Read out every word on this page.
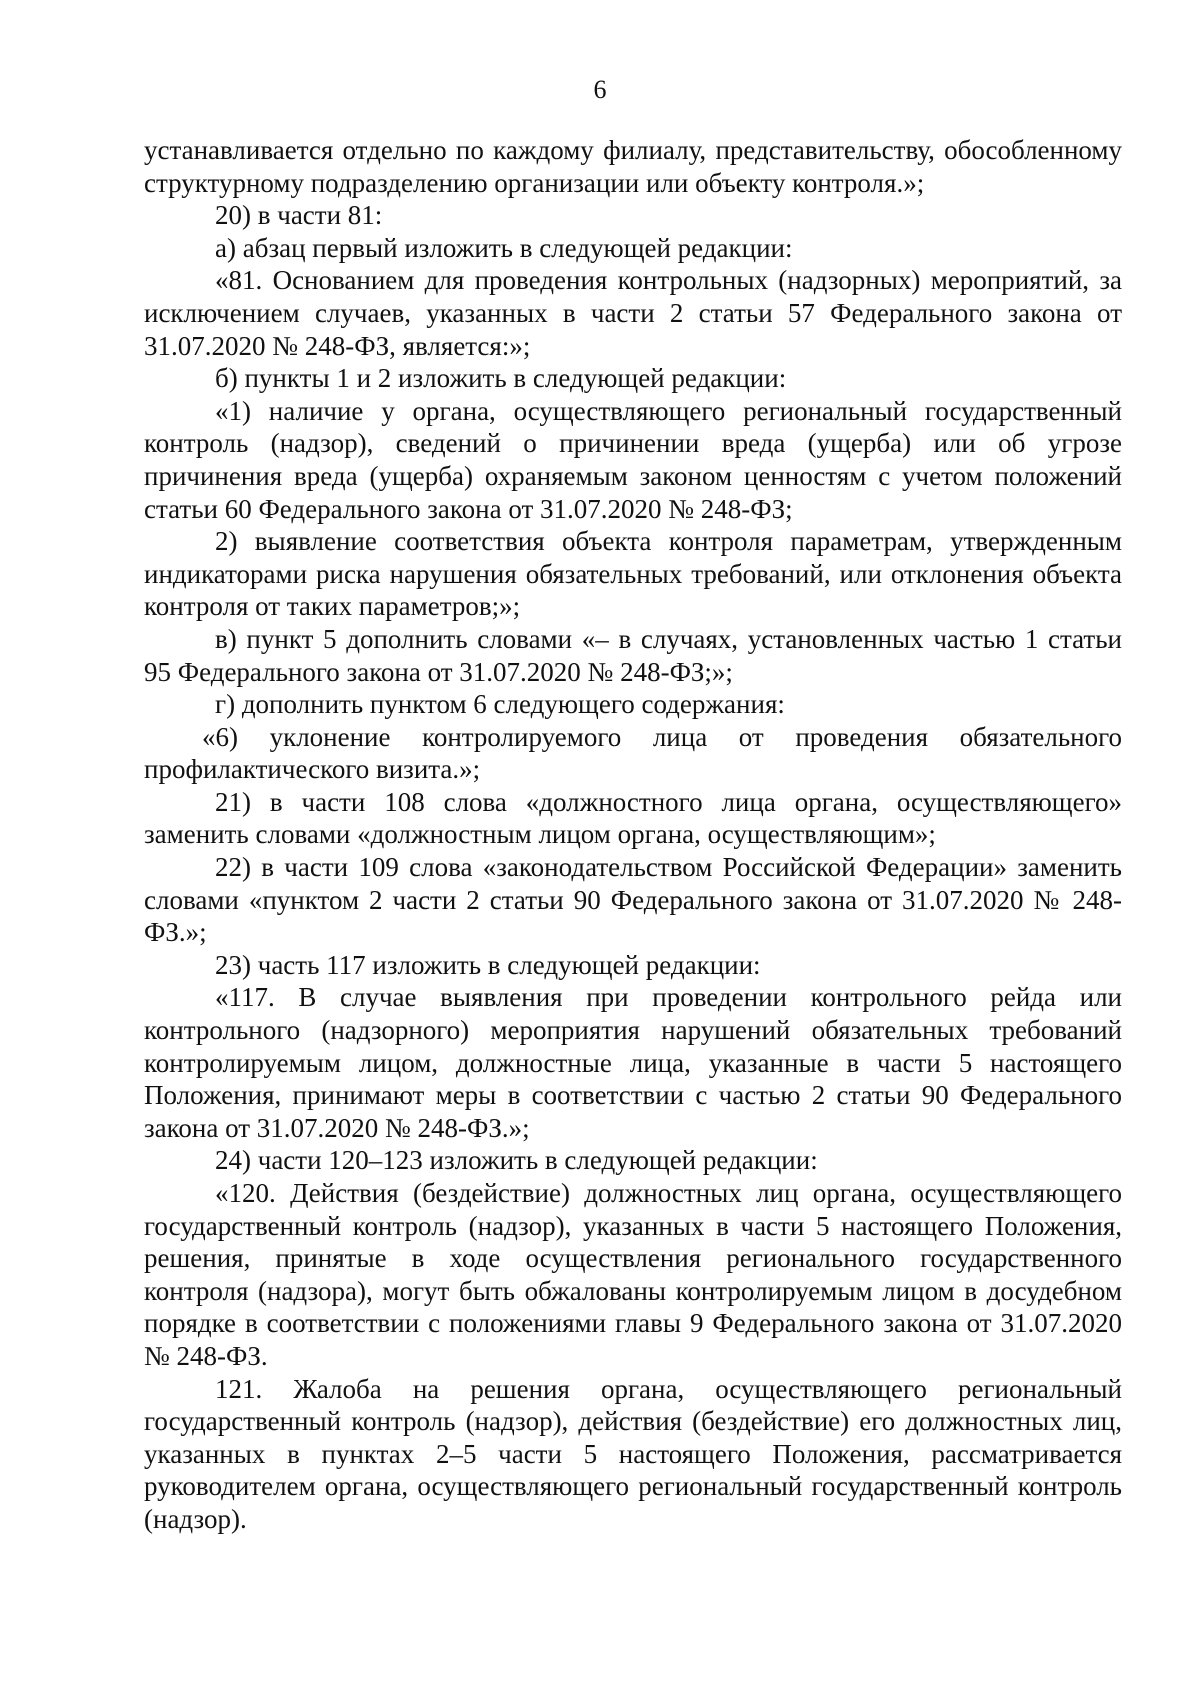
6

устанавливается отдельно по каждому филиалу, представительству, обособленному структурному подразделению организации или объекту контроля.»;

20) в части 81:

а) абзац первый изложить в следующей редакции:

«81. Основанием для проведения контрольных (надзорных) мероприятий, за исключением случаев, указанных в части 2 статьи 57 Федерального закона от 31.07.2020 № 248-ФЗ, является:»;

б) пункты 1 и 2 изложить в следующей редакции:

«1) наличие у органа, осуществляющего региональный государственный контроль (надзор), сведений о причинении вреда (ущерба) или об угрозе причинения вреда (ущерба) охраняемым законом ценностям с учетом положений статьи 60 Федерального закона от 31.07.2020 № 248-ФЗ;

2) выявление соответствия объекта контроля параметрам, утвержденным индикаторами риска нарушения обязательных требований, или отклонения объекта контроля от таких параметров;»;

в) пункт 5 дополнить словами «– в случаях, установленных частью 1 статьи 95 Федерального закона от 31.07.2020 № 248-ФЗ;»;

г) дополнить пунктом 6 следующего содержания:

«6) уклонение контролируемого лица от проведения обязательного профилактического визита.»;

21) в части 108 слова «должностного лица органа, осуществляющего» заменить словами «должностным лицом органа, осуществляющим»;

22) в части 109 слова «законодательством Российской Федерации» заменить словами «пунктом 2 части 2 статьи 90 Федерального закона от 31.07.2020 № 248-ФЗ.»;

23) часть 117 изложить в следующей редакции:

«117. В случае выявления при проведении контрольного рейда или контрольного (надзорного) мероприятия нарушений обязательных требований контролируемым лицом, должностные лица, указанные в части 5 настоящего Положения, принимают меры в соответствии с частью 2 статьи 90 Федерального закона от 31.07.2020 № 248-ФЗ.»;

24) части 120–123 изложить в следующей редакции:

«120. Действия (бездействие) должностных лиц органа, осуществляющего государственный контроль (надзор), указанных в части 5 настоящего Положения, решения, принятые в ходе осуществления регионального государственного контроля (надзора), могут быть обжалованы контролируемым лицом в досудебном порядке в соответствии с положениями главы 9 Федерального закона от 31.07.2020 № 248-ФЗ.

121. Жалоба на решения органа, осуществляющего региональный государственный контроль (надзор), действия (бездействие) его должностных лиц, указанных в пунктах 2–5 части 5 настоящего Положения, рассматривается руководителем органа, осуществляющего региональный государственный контроль (надзор).
